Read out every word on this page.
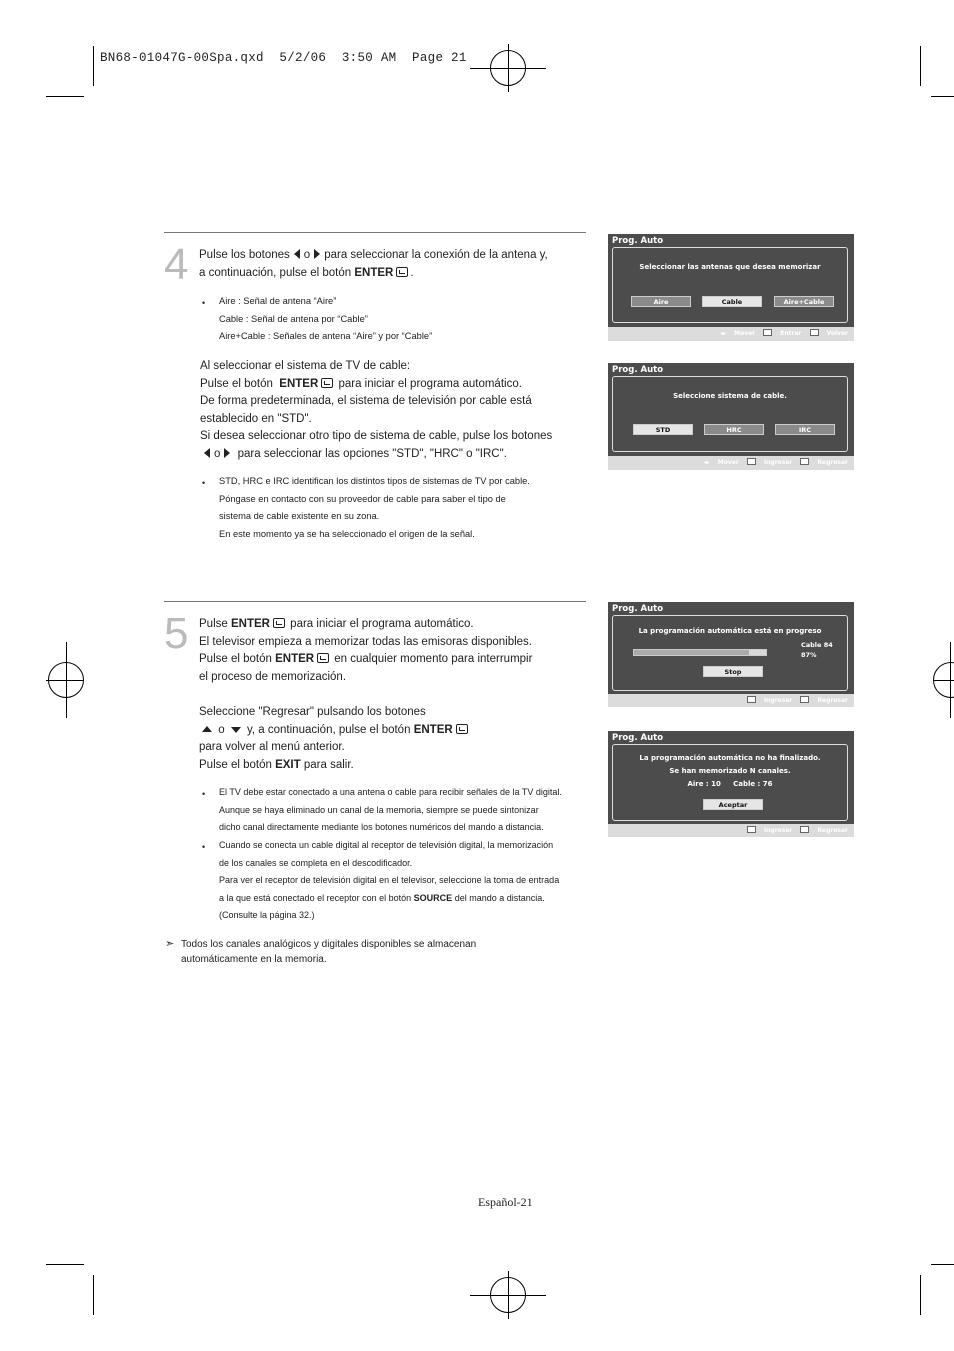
BN68-01047G-00Spa.qxd  5/2/06  3:50 AM  Page 21
4 Pulse los botones o para seleccionar la conexión de la antena y,
a continuación, pulse el botón ENTER .
• Aire : Señal de antena “Aire”
Cable : Señal de antena por “Cable”
Aire+Cable : Señales de antena “Aire” y por “Cable”
Al seleccionar el sistema de TV de cable:
Pulse el botón ENTER para iniciar el programa automático.
De forma predeterminada, el sistema de televisión por cable está
establecido en "STD".
Si desea seleccionar otro tipo de sistema de cable, pulse los botones
o para seleccionar las opciones "STD", "HRC" o "IRC".
• STD, HRC e IRC identifican los distintos tipos de sistemas de TV por cable.
Póngase en contacto con su proveedor de cable para saber el tipo de
sistema de cable existente en su zona.
En este momento ya se ha seleccionado el origen de la señal.
Prog. Auto
Seleccionar las antenas que desea memorizar
Aire	Cable	Aire+Cable
◂▸ Mover	Entrar	Volver
Prog. Auto
Seleccione sistema de cable.
STD	HRC	IRC
◂▸ Mover	Ingresar	Regresar
5 Pulse ENTER para iniciar el programa automático.
El televisor empieza a memorizar todas las emisoras disponibles.
Pulse el botón ENTER en cualquier momento para interrumpir
el proceso de memorización.
Seleccione "Regresar" pulsando los botones
o y, a continuación, pulse el botón ENTER
para volver al menú anterior.
Pulse el botón EXIT para salir.
• El TV debe estar conectado a una antena o cable para recibir señales de la TV digital.
Aunque se haya eliminado un canal de la memoria, siempre se puede sintonizar
dicho canal directamente mediante los botones numéricos del mando a distancia.
• Cuando se conecta un cable digital al receptor de televisión digital, la memorización
de los canales se completa en el descodificador.
Para ver el receptor de televisión digital en el televisor, seleccione la toma de entrada
a la que está conectado el receptor con el botón SOURCE del mando a distancia.
(Consulte la página 32.)
➣ Todos los canales analógicos y digitales disponibles se almacenan
automáticamente en la memoria.
Prog. Auto
La programación automática está en progreso
Cable 84
87%
Stop
Ingresar	Regresar
Prog. Auto
La programación automática no ha finalizado.
Se han memorizado N canales.
Aire : 10     Cable : 76
Aceptar
Ingresar	Regresar
Español-21
